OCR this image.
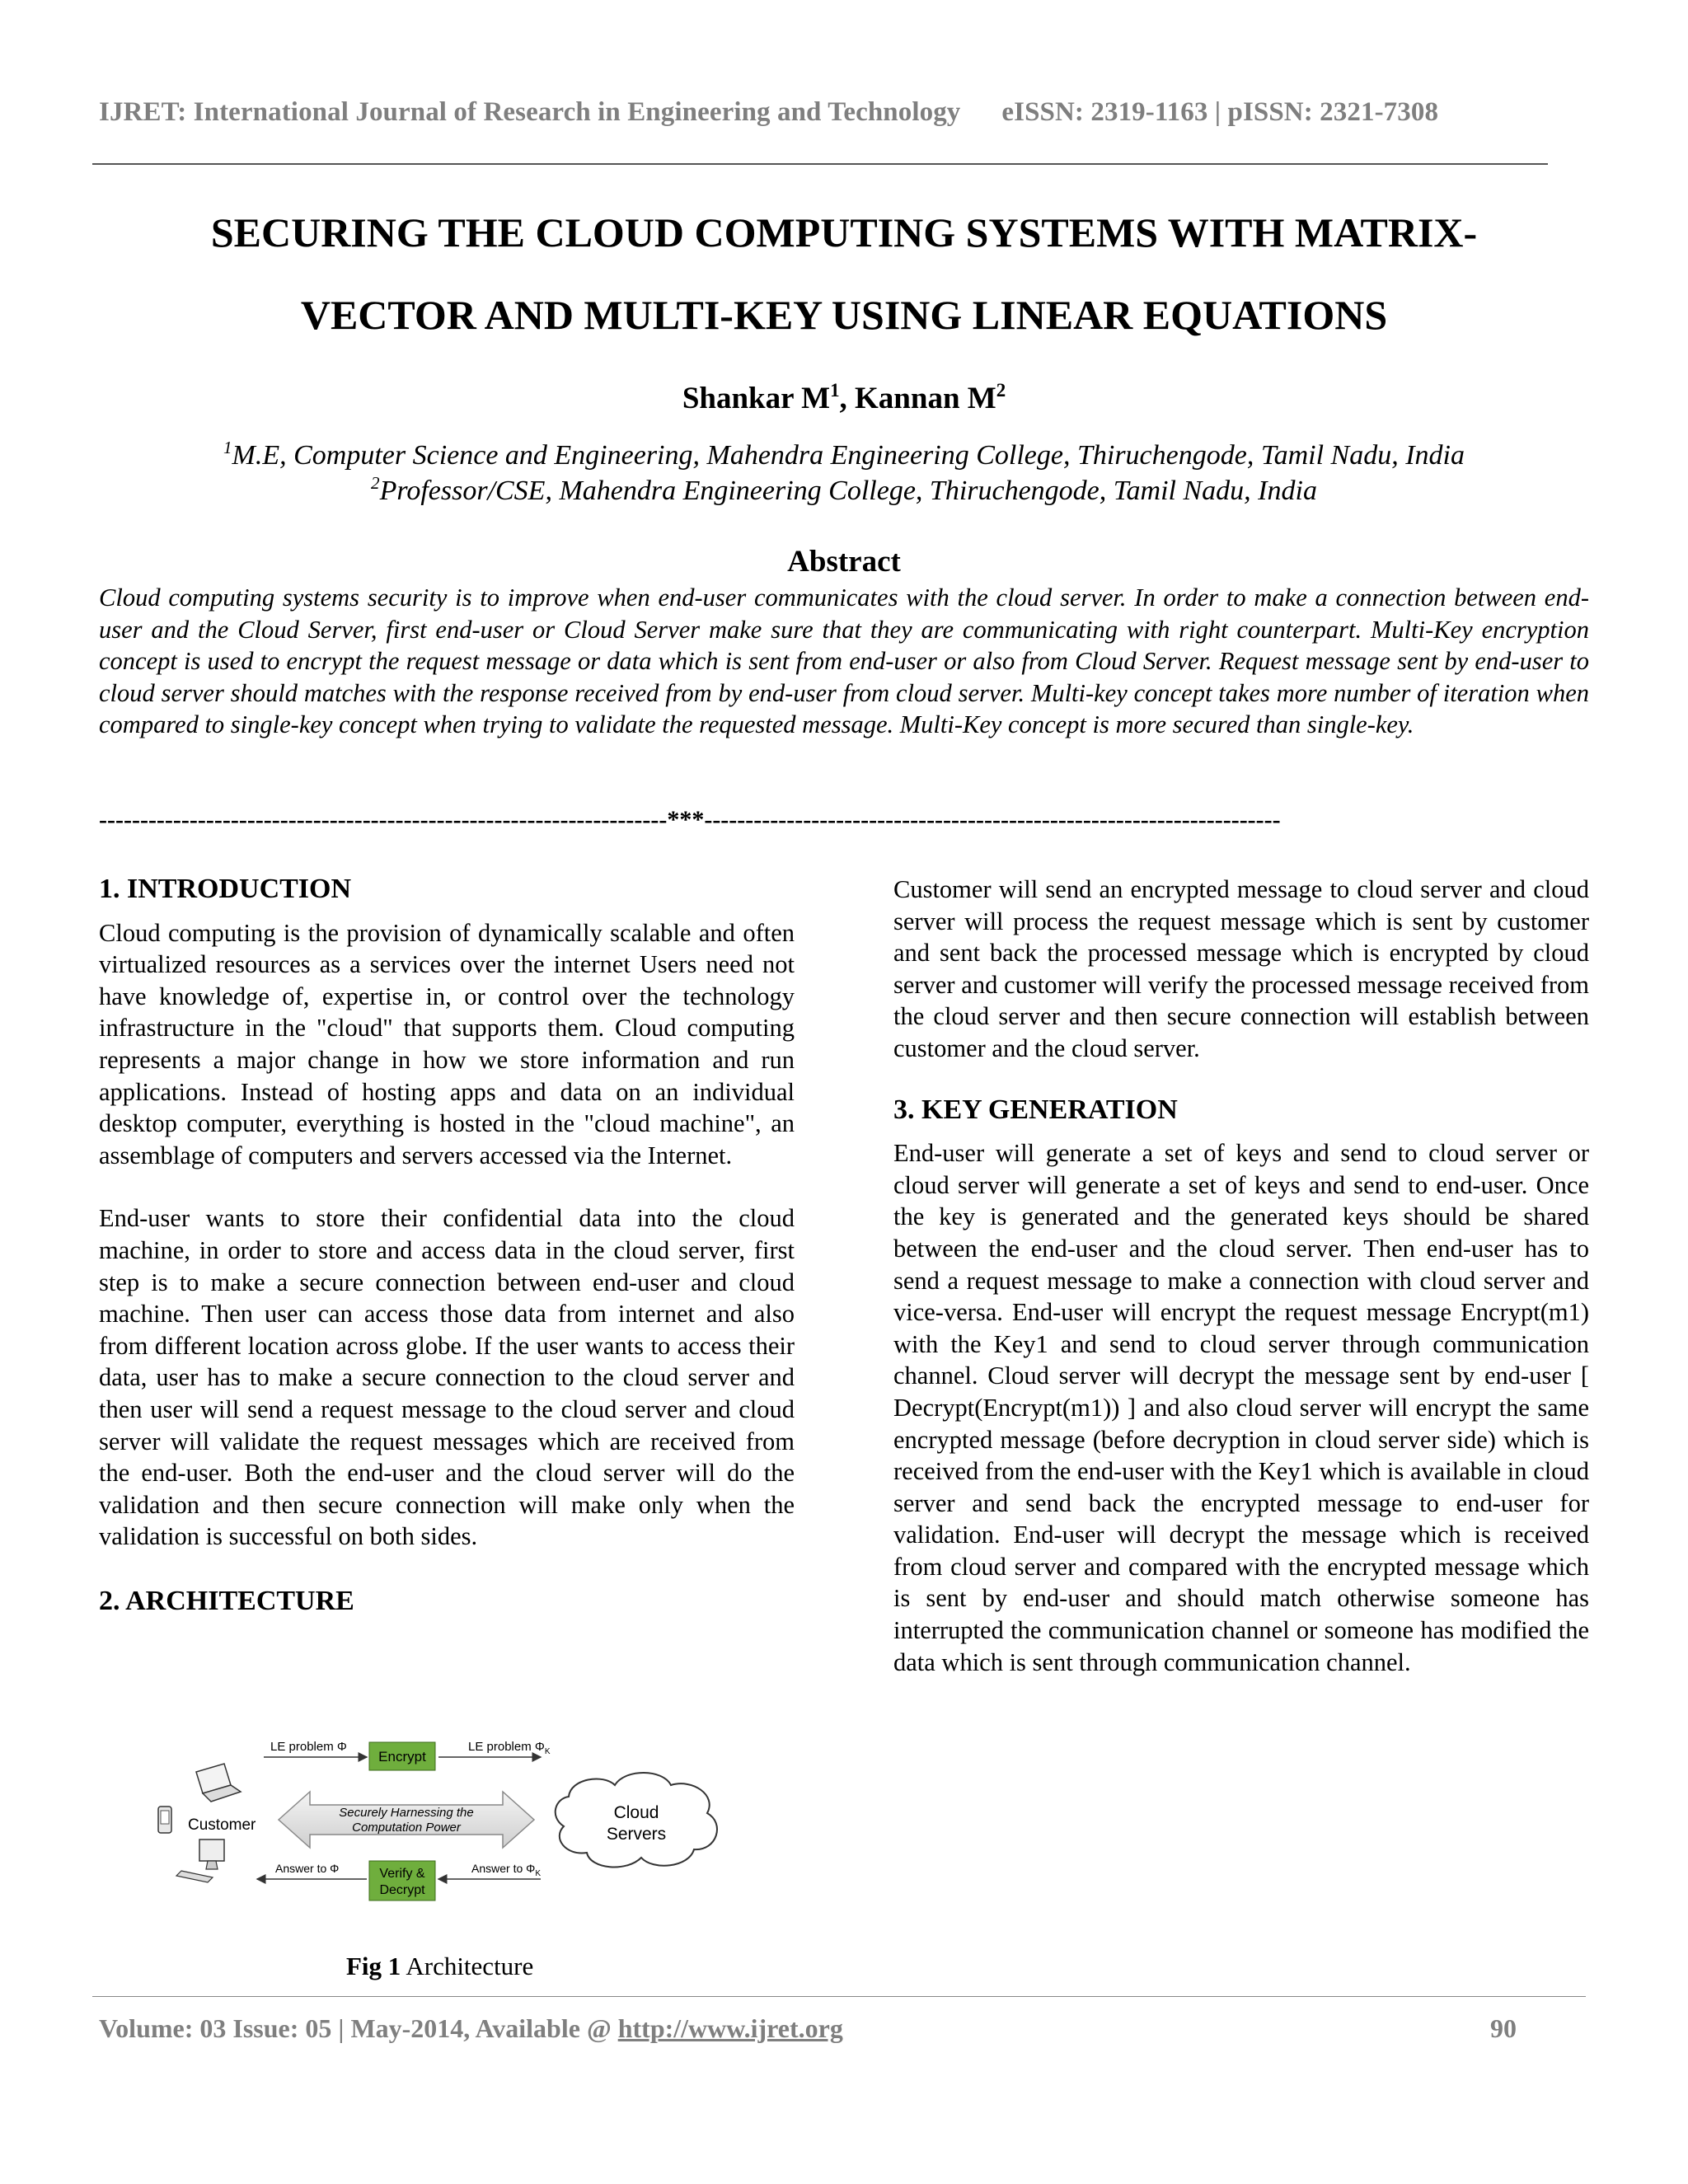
IJRET: International Journal of Research in Engineering and Technology eISSN: 2319-1163 | pISSN: 2321-7308
SECURING THE CLOUD COMPUTING SYSTEMS WITH MATRIX-
VECTOR AND MULTI-KEY USING LINEAR EQUATIONS
Shankar $M^1$, Kannan $M^2$
$^1$M.E, Computer Science and Engineering, Mahendra Engineering College, Thiruchengode, Tamil Nadu, India
$^2$Professor/CSE, Mahendra Engineering College, Thiruchengode, Tamil Nadu, India
Abstract
Cloud computing systems security is to improve when end-user communicates with the cloud server. In order to make a connection between end-user and the Cloud Server, first end-user or Cloud Server make sure that they are communicating with right counterpart. Multi-Key encryption concept is used to encrypt the request message or data which is sent from end-user or also from Cloud Server. Request message sent by end-user to cloud server should matches with the response received from by end-user from cloud server. Multi-key concept takes more number of iteration when compared to single-key concept when trying to validate the requested message. Multi-Key concept is more secured than single-key.
---------------------------------------------------------------------***----------------------------------------------------------------------
1. INTRODUCTION

Cloud computing is the provision of dynamically scalable and often virtualized resources as a services over the internet Users need not have knowledge of, expertise in, or control over the technology infrastructure in the "cloud" that supports them. Cloud computing represents a major change in how we store information and run applications. Instead of hosting apps and data on an individual desktop computer, everything is hosted in the "cloud machine", an assemblage of computers and servers accessed via the Internet.

End-user wants to store their confidential data into the cloud machine, in order to store and access data in the cloud server, first step is to make a secure connection between end-user and cloud machine. Then user can access those data from internet and also from different location across globe. If the user wants to access their data, user has to make a secure connection to the cloud server and then user will send a request message to the cloud server and cloud server will validate the request messages which are received from the end-user. Both the end-user and the cloud server will do the validation and then secure connection will make only when the validation is successful on both sides.

2. ARCHITECTURE
LE problem Φ
Encrypt
LE problem $\Phi_K$
Customer
Securely Harnessing the
Computation Power
Cloud
Servers
Answer to Φ	Verify &
Decrypt
Answer to $\Phi_K$
Fig 1 Architecture

Customer will send an encrypted message to cloud server and cloud server will process the request message which is sent by customer and sent back the processed message which is encrypted by cloud server and customer will verify the processed message received from the cloud server and then secure connection will establish between customer and the cloud server.

3. KEY GENERATION

End-user will generate a set of keys and send to cloud server or cloud server will generate a set of keys and send to end-user. Once the key is generated and the generated keys should be shared between the end-user and the cloud server. Then end-user has to send a request message to make a connection with cloud server and vice-versa. End-user will encrypt the request message Encrypt(m1) with the Key1 and send to cloud server through communication channel. Cloud server will decrypt the message sent by end-user [ Decrypt(Encrypt(m1)) ] and also cloud server will encrypt the same encrypted message (before decryption in cloud server side) which is received from the end-user with the Key1 which is available in cloud server and send back the encrypted message to end-user for validation. End-user will decrypt the message which is received from cloud server and compared with the encrypted message which is sent by end-user and should match otherwise someone has interrupted the communication channel or someone has modified the data which is sent through communication channel.

Volume: 03 Issue: 05 | May-2014, Available @ http://www.ijret.org	90
